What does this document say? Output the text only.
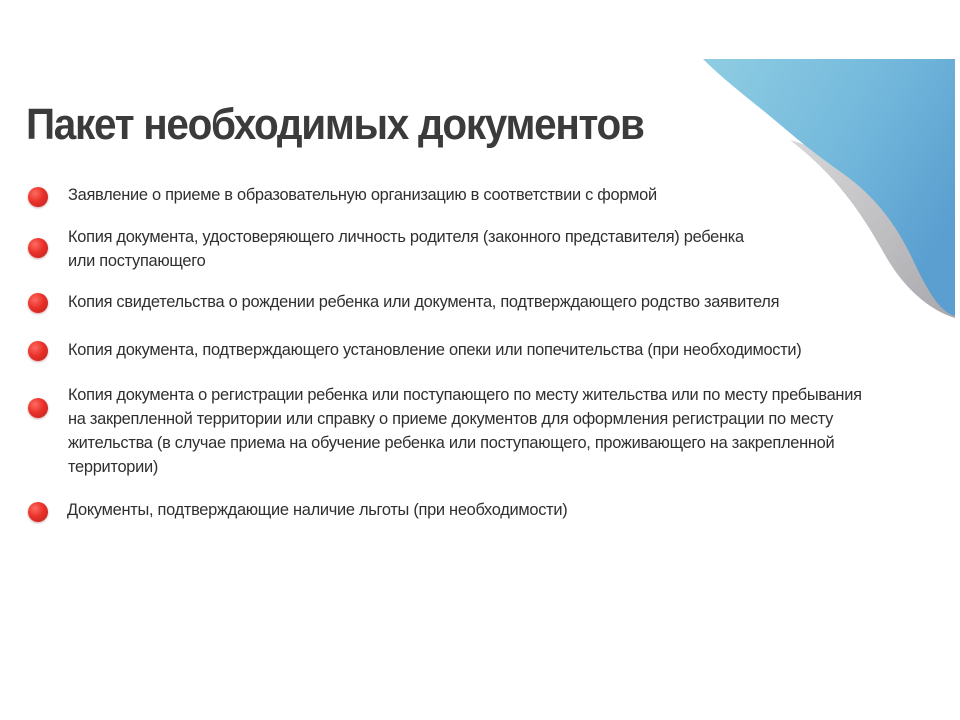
Пакет необходимых документов
Заявление о приеме в образовательную организацию в соответствии с формой
Копия документа, удостоверяющего личность родителя (законного представителя) ребенка
или поступающего
Копия свидетельства о рождении ребенка или документа, подтверждающего родство заявителя
Копия документа, подтверждающего установление опеки или попечительства (при необходимости)
Копия документа о регистрации ребенка или поступающего по месту жительства или по месту пребывания
на закрепленной территории или справку о приеме документов для оформления регистрации по месту
жительства (в случае приема на обучение ребенка или поступающего, проживающего на закрепленной
территории)
Документы, подтверждающие наличие льготы (при необходимости)
